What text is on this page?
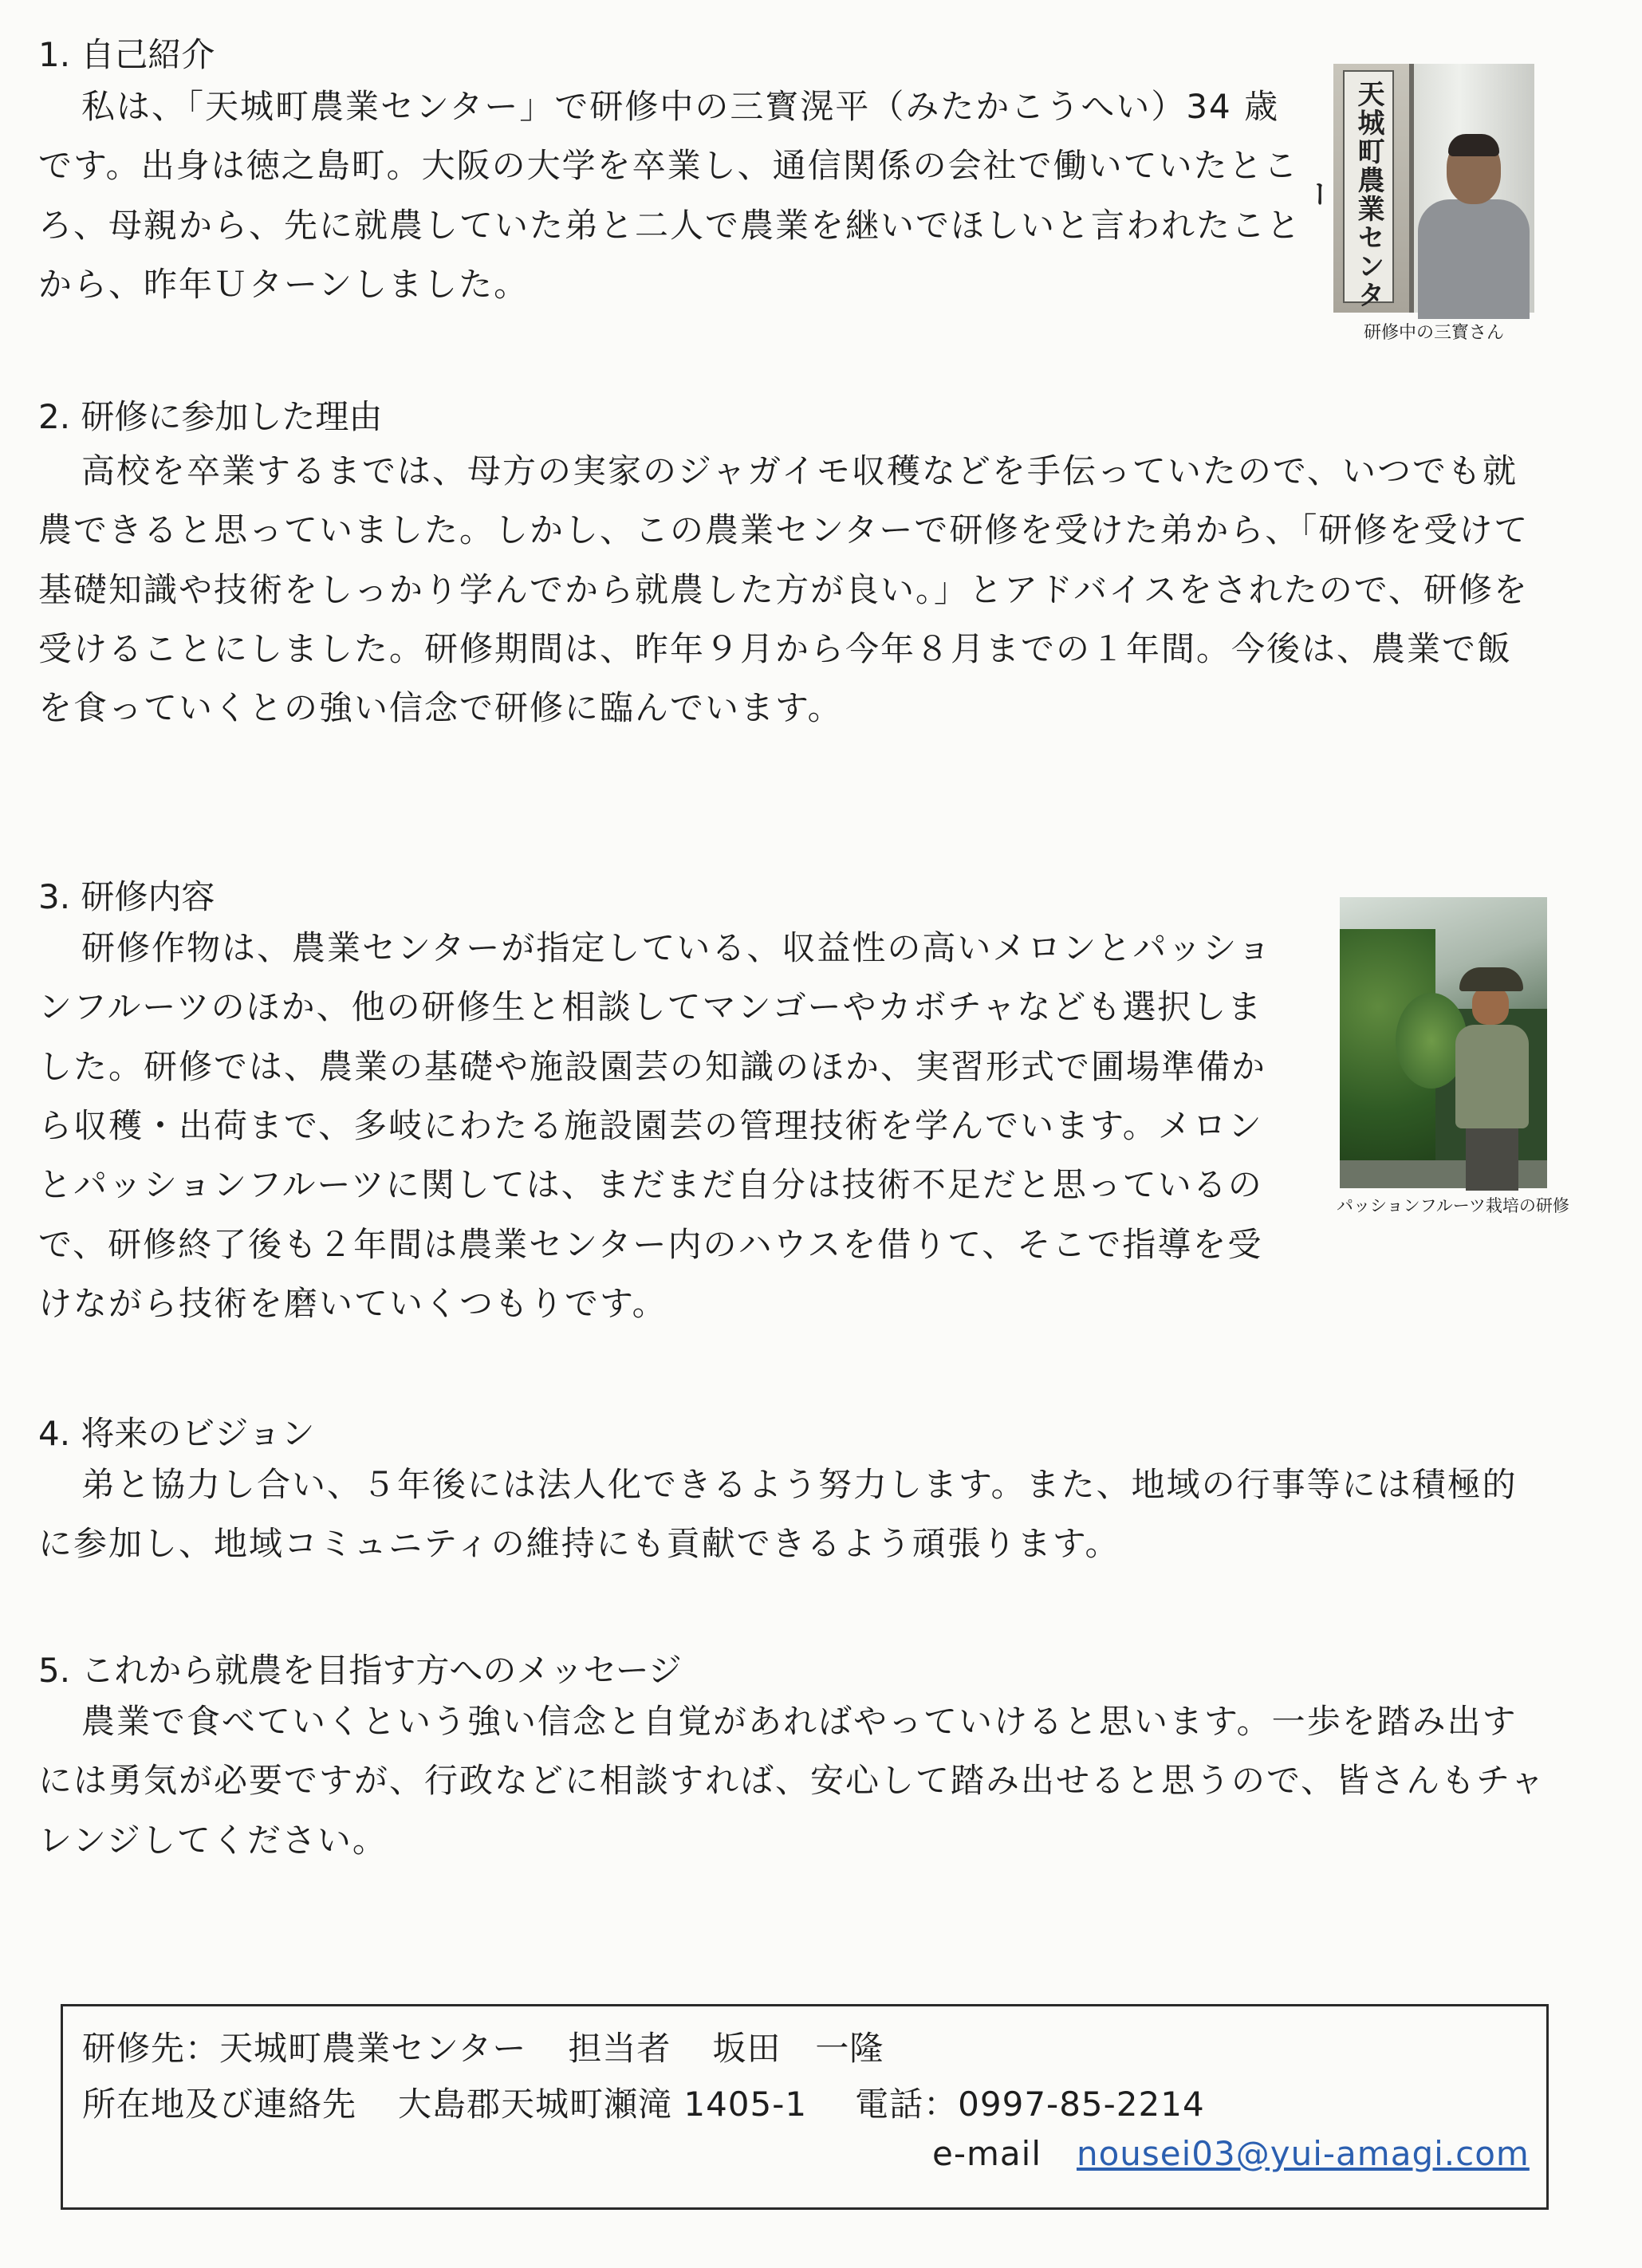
1. 自己紹介
私は、「天城町農業センター」で研修中の三寳滉平（みたかこうへい）34 歳です。出身は徳之島町。大阪の大学を卒業し、通信関係の会社で働いていたところ、母親から、先に就農していた弟と二人で農業を継いでほしいと言われたことから、昨年Ｕターンしました。	天城町農業センター
研修中の三寳さん
2. 研修に参加した理由
高校を卒業するまでは、母方の実家のジャガイモ収穫などを手伝っていたので、いつでも就農できると思っていました。しかし、この農業センターで研修を受けた弟から、「研修を受けて基礎知識や技術をしっかり学んでから就農した方が良い。」とアドバイスをされたので、研修を受けることにしました。研修期間は、昨年９月から今年８月までの１年間。今後は、農業で飯を食っていくとの強い信念で研修に臨んでいます。
3. 研修内容
研修作物は、農業センターが指定している、収益性の高いメロンとパッションフルーツのほか、他の研修生と相談してマンゴーやカボチャなども選択しました。研修では、農業の基礎や施設園芸の知識のほか、実習形式で圃場準備から収穫・出荷まで、多岐にわたる施設園芸の管理技術を学んでいます。メロンとパッションフルーツに関しては、まだまだ自分は技術不足だと思っているので、研修終了後も２年間は農業センター内のハウスを借りて、そこで指導を受けながら技術を磨いていくつもりです。
パッションフルーツ栽培の研修
4. 将来のビジョン
弟と協力し合い、５年後には法人化できるよう努力します。また、地域の行事等には積極的に参加し、地域コミュニティの維持にも貢献できるよう頑張ります。
5. これから就農を目指す方へのメッセージ
農業で食べていくという強い信念と自覚があればやっていけると思います。一歩を踏み出すには勇気が必要ですが、行政などに相談すれば、安心して踏み出せると思うので、皆さんもチャレンジしてください。
研修先：天城町農業センター 担当者 坂田　一隆
所在地及び連絡先 大島郡天城町瀬滝 1405-1 電話：0997-85-2214
e-mail nousei03@yui-amagi.com
